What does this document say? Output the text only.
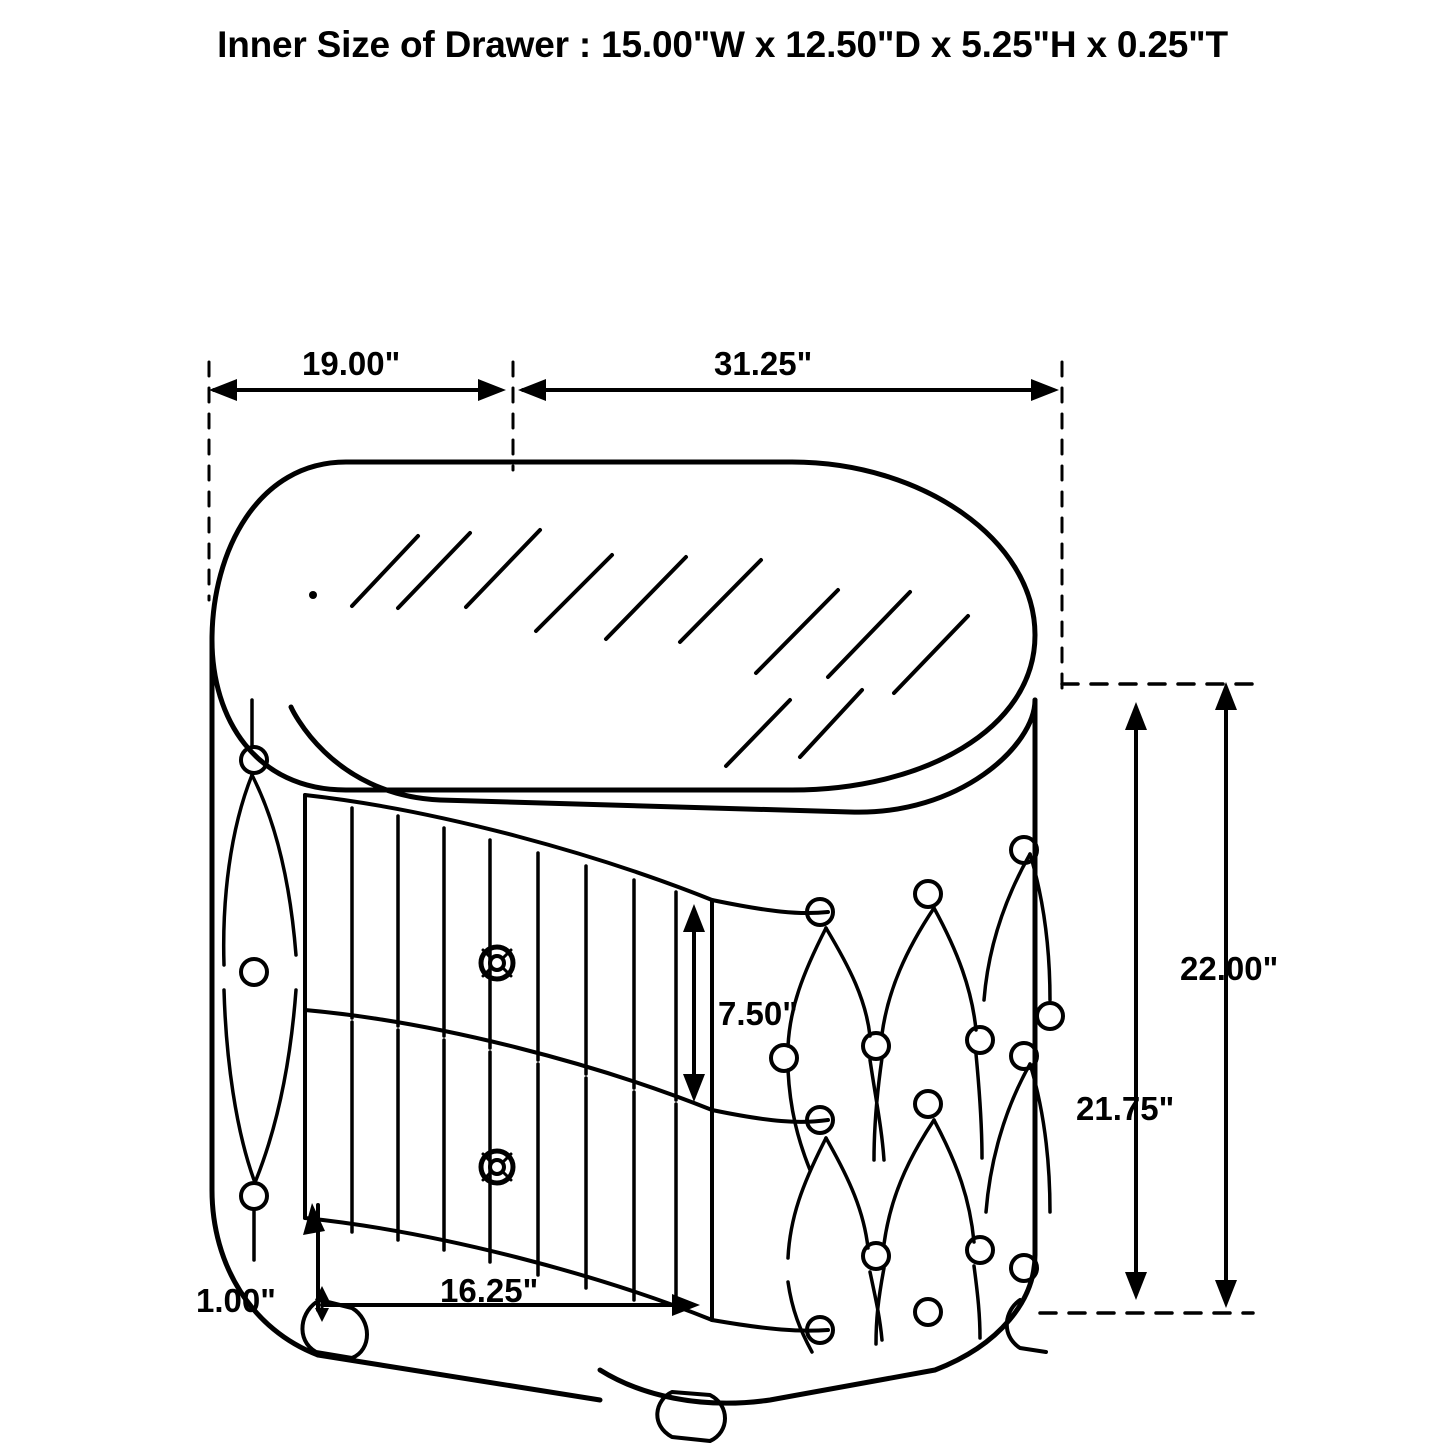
Inner Size of Drawer : 15.00"W x 12.50"D x 5.25"H x 0.25"T
19.00"	31.25"
7.50"
21.75"
22.00"
16.25"
1.00"
